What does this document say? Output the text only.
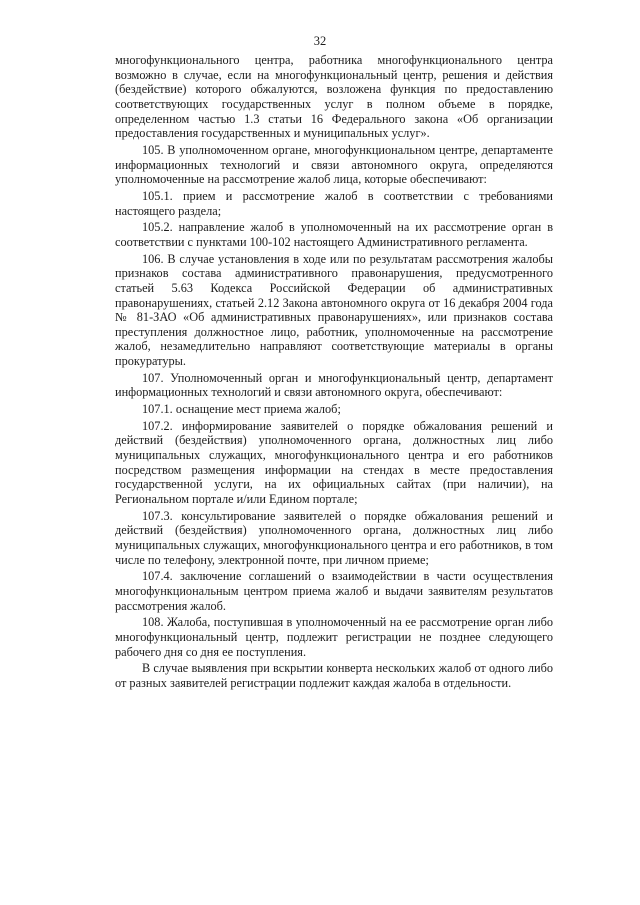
32

многофункционального центра, работника многофункционального центра возможно в случае, если на многофункциональный центр, решения и действия (бездействие) которого обжалуются, возложена функция по предоставлению соответствующих государственных услуг в полном объеме в порядке, определенном частью 1.3 статьи 16 Федерального закона «Об организации предоставления государственных и муниципальных услуг».

105. В уполномоченном органе, многофункциональном центре, департаменте информационных технологий и связи автономного округа, определяются уполномоченные на рассмотрение жалоб лица, которые обеспечивают:

105.1. прием и рассмотрение жалоб в соответствии с требованиями настоящего раздела;

105.2. направление жалоб в уполномоченный на их рассмотрение орган в соответствии с пунктами 100-102 настоящего Административного регламента.

106. В случае установления в ходе или по результатам рассмотрения жалобы признаков состава административного правонарушения, предусмотренного статьей 5.63 Кодекса Российской Федерации об административных правонарушениях, статьей 2.12 Закона автономного округа от 16 декабря 2004 года № 81-ЗАО «Об административных правонарушениях», или признаков состава преступления должностное лицо, работник, уполномоченные на рассмотрение жалоб, незамедлительно направляют соответствующие материалы в органы прокуратуры.

107. Уполномоченный орган и многофункциональный центр, департамент информационных технологий и связи автономного округа, обеспечивают:

107.1. оснащение мест приема жалоб;

107.2. информирование заявителей о порядке обжалования решений и действий (бездействия) уполномоченного органа, должностных лиц либо муниципальных служащих, многофункционального центра и его работников посредством размещения информации на стендах в месте предоставления государственной услуги, на их официальных сайтах (при наличии), на Региональном портале и/или Едином портале;

107.3. консультирование заявителей о порядке обжалования решений и действий (бездействия) уполномоченного органа, должностных лиц либо муниципальных служащих, многофункционального центра и его работников, в том числе по телефону, электронной почте, при личном приеме;

107.4. заключение соглашений о взаимодействии в части осуществления многофункциональным центром приема жалоб и выдачи заявителям результатов рассмотрения жалоб.

108. Жалоба, поступившая в уполномоченный на ее рассмотрение орган либо многофункциональный центр, подлежит регистрации не позднее следующего рабочего дня со дня ее поступления.

В случае выявления при вскрытии конверта нескольких жалоб от одного либо от разных заявителей регистрации подлежит каждая жалоба в отдельности.
